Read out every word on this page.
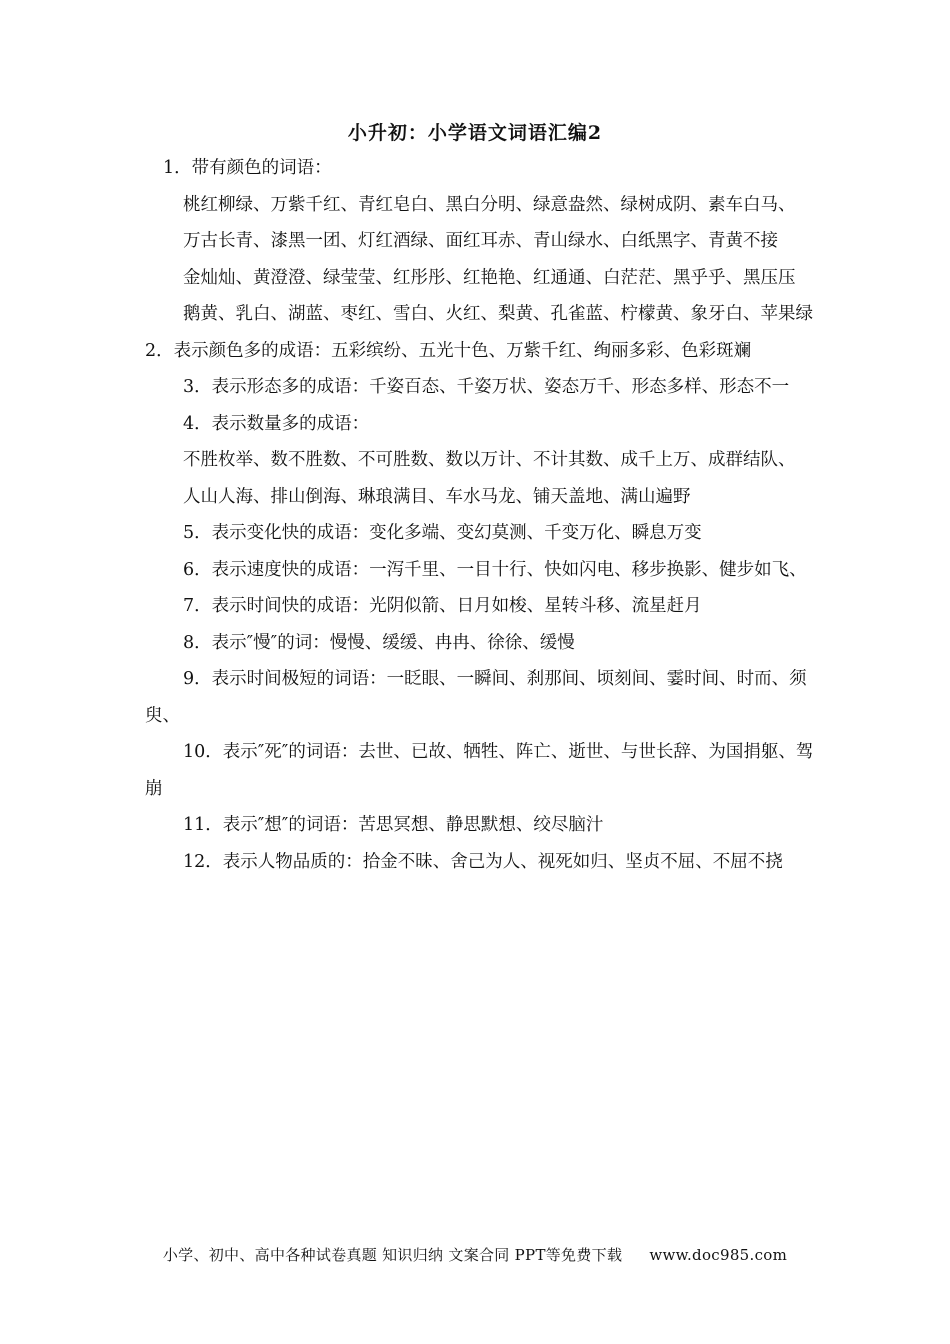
小升初：小学语文词语汇编2

1．带有颜色的词语：

桃红柳绿、万紫千红、青红皂白、黑白分明、绿意盎然、绿树成阴、素车白马、

万古长青、漆黑一团、灯红酒绿、面红耳赤、青山绿水、白纸黑字、青黄不接

金灿灿、黄澄澄、绿莹莹、红彤彤、红艳艳、红通通、白茫茫、黑乎乎、黑压压

鹅黄、乳白、湖蓝、枣红、雪白、火红、梨黄、孔雀蓝、柠檬黄、象牙白、苹果绿

2．表示颜色多的成语：五彩缤纷、五光十色、万紫千红、绚丽多彩、色彩斑斓

3．表示形态多的成语：千姿百态、千姿万状、姿态万千、形态多样、形态不一

4．表示数量多的成语：

不胜枚举、数不胜数、不可胜数、数以万计、不计其数、成千上万、成群结队、

人山人海、排山倒海、琳琅满目、车水马龙、铺天盖地、满山遍野

5．表示变化快的成语：变化多端、变幻莫测、千变万化、瞬息万变

6．表示速度快的成语：一泻千里、一目十行、快如闪电、移步换影、健步如飞、

7．表示时间快的成语：光阴似箭、日月如梭、星转斗移、流星赶月

8．表示″慢″的词：慢慢、缓缓、冉冉、徐徐、缓慢

9．表示时间极短的词语：一眨眼、一瞬间、刹那间、顷刻间、霎时间、时而、须臾、

10．表示″死″的词语：去世、已故、牺牲、阵亡、逝世、与世长辞、为国捐躯、驾崩

11．表示″想″的词语：苦思冥想、静思默想、绞尽脑汁

12．表示人物品质的：拾金不昧、舍己为人、视死如归、坚贞不屈、不屈不挠

小学、初中、高中各种试卷真题 知识归纳 文案合同 PPT等免费下载 www.doc985.com
